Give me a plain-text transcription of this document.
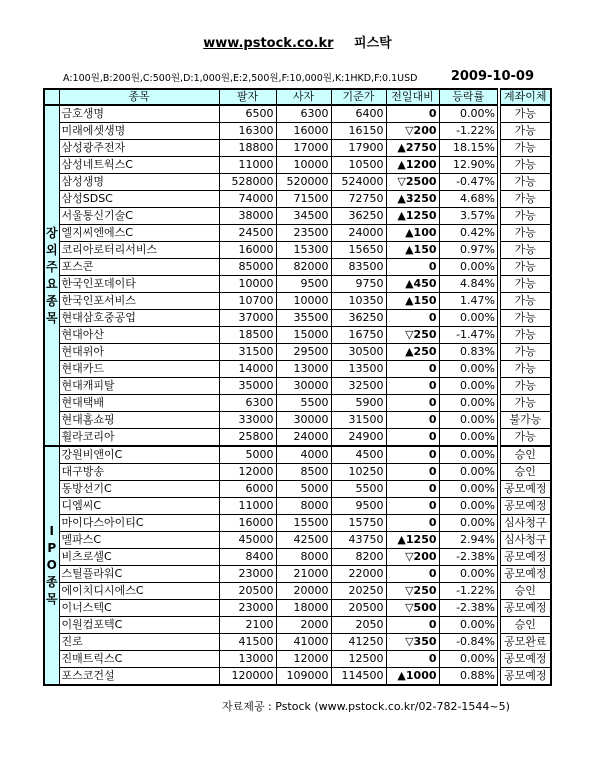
www.pstock.co.kr 피스탁
A:100원,B:200원,C:500원,D:1,000원,E:2,500원,F:10,000원,K:1HKD,F:0.1USD	2009-10-09
	종목	팔자	사자	기준가	전일대비	등락률	계좌이체

장
외
주
요
종
목
	금호생명	6500	6300	6400	0	0.00%	가능
	미래에셋생명	16300	16000	16150	▽200	-1.22%	가능
	삼성광주전자	18800	17000	17900	▲2750	18.15%	가능
	삼성네트웍스C	11000	10000	10500	▲1200	12.90%	가능
	삼성생명	528000	520000	524000	▽2500	-0.47%	가능
	삼성SDSC	74000	71500	72750	▲3250	4.68%	가능
	서울통신기술C	38000	34500	36250	▲1250	3.57%	가능
	엘지씨엔에스C	24500	23500	24000	▲100	0.42%	가능
	코리아로터리서비스	16000	15300	15650	▲150	0.97%	가능
	포스콘	85000	82000	83500	0	0.00%	가능
	한국인포데이타	10000	9500	9750	▲450	4.84%	가능
	한국인포서비스	10700	10000	10350	▲150	1.47%	가능
	현대삼호중공업	37000	35500	36250	0	0.00%	가능
	현대아산	18500	15000	16750	▽250	-1.47%	가능
	현대위아	31500	29500	30500	▲250	0.83%	가능
	현대카드	14000	13000	13500	0	0.00%	가능
	현대캐피탈	35000	30000	32500	0	0.00%	가능
	현대택배	6300	5500	5900	0	0.00%	가능
	현대홈쇼핑	33000	30000	31500	0	0.00%	불가능
	휠라코리아	25800	24000	24900	0	0.00%	가능

I
P
O
종
목	강원비앤이C	5000	4000	4500	0	0.00%	승인
	대구방송	12000	8500	10250	0	0.00%	승인
	동방선기C	6000	5000	5500	0	0.00%	공모예정
	디엠씨C	11000	8000	9500	0	0.00%	공모예정
	마이다스아이티C	16000	15500	15750	0	0.00%	심사청구
	멜파스C	45000	42500	43750	▲1250	2.94%	심사청구
	비츠로셀C	8400	8000	8200	▽200	-2.38%	공모예정
	스틸플라워C	23000	21000	22000	0	0.00%	공모예정
	에이치디시에스C	20500	20000	20250	▽250	-1.22%	승인
	이너스텍C	23000	18000	20500	▽500	-2.38%	공모예정
	이원컴포텍C	2100	2000	2050	0	0.00%	승인
	진로	41500	41000	41250	▽350	-0.84%	공모완료
	진매트릭스C	13000	12000	12500	0	0.00%	공모예정
	포스코건설	120000	109000	114500	▲1000	0.88%	공모예정
자료제공 : Pstock (www.pstock.co.kr/02-782-1544~5)
